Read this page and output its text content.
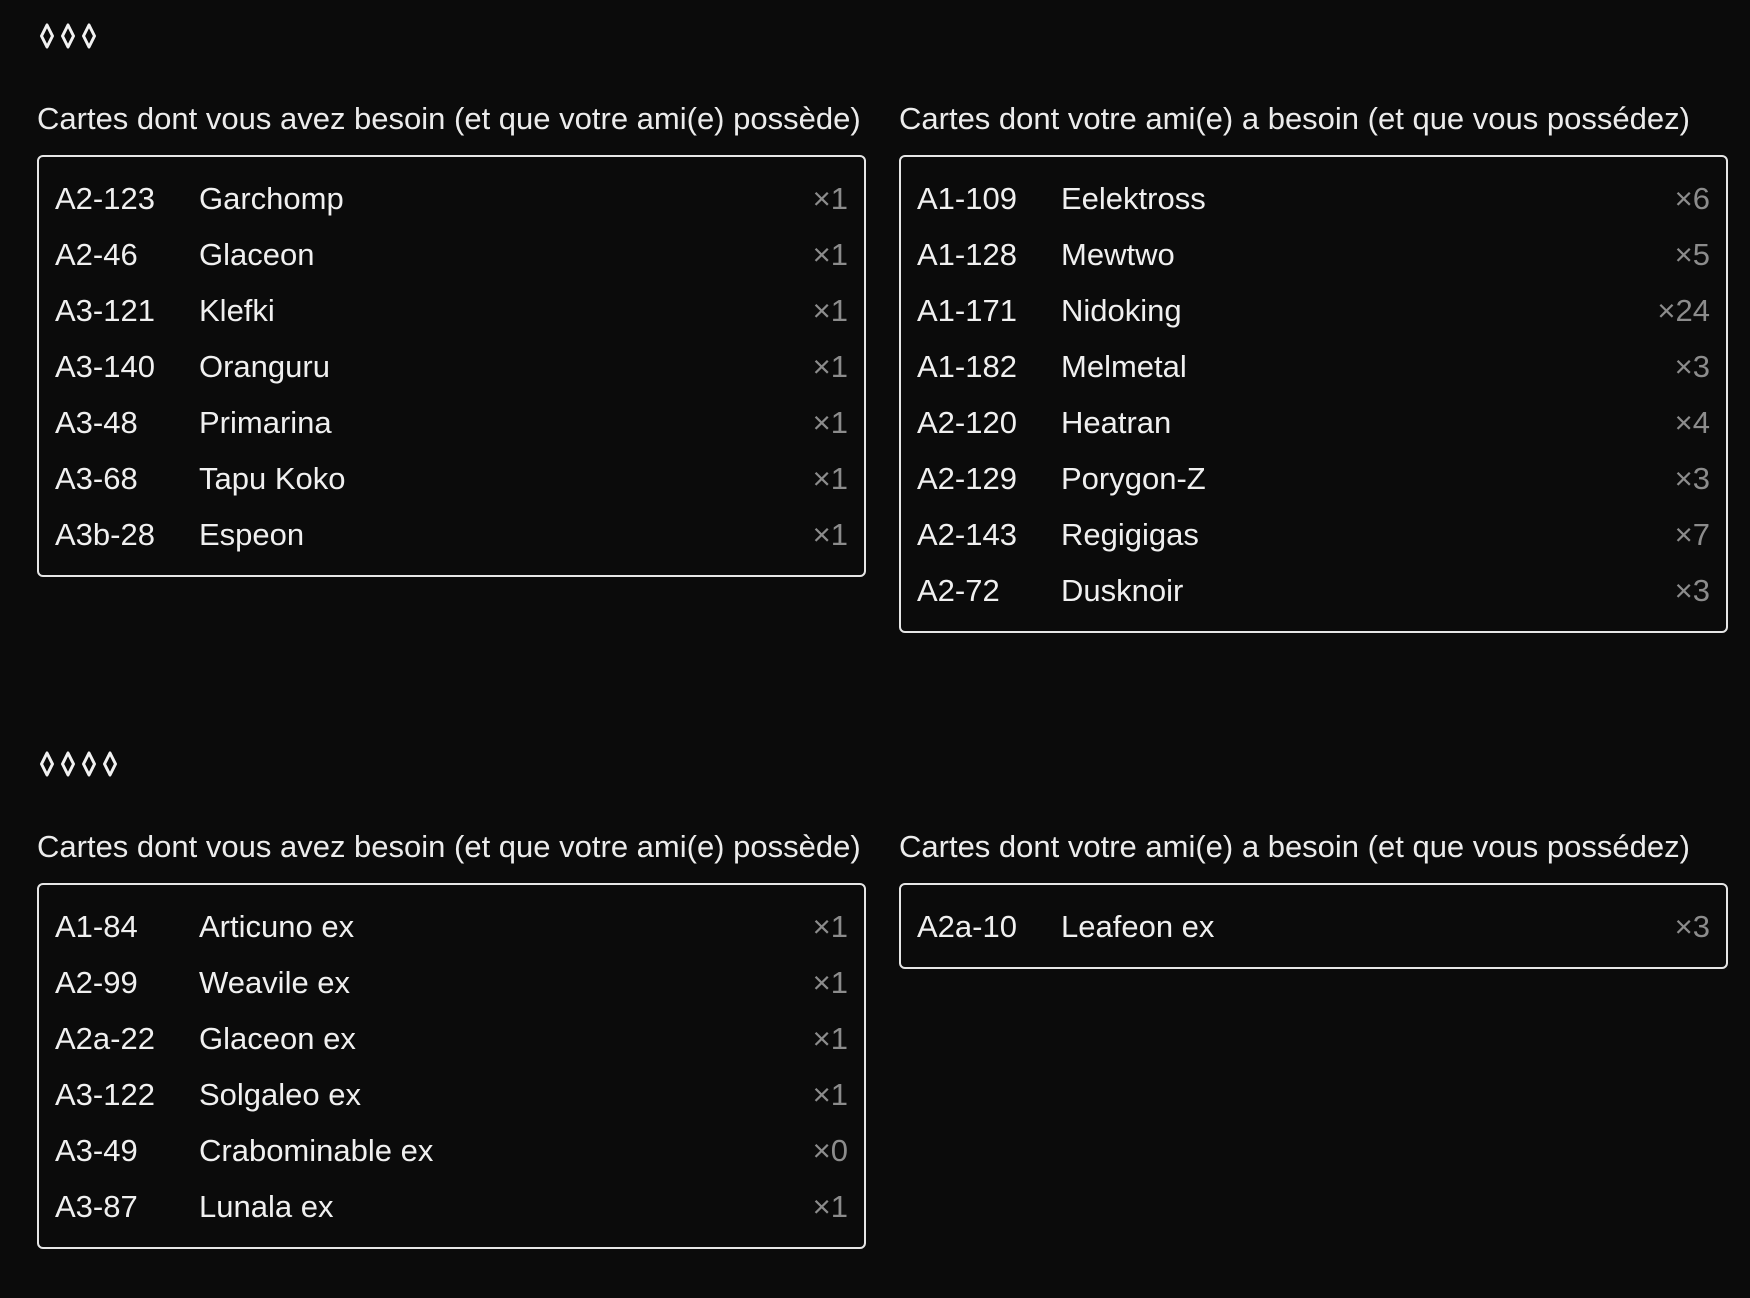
Cartes dont vous avez besoin (et que votre ami(e) possède)
A2-123	Garchomp	×1
A2-46	Glaceon	×1
A3-121	Klefki	×1
A3-140	Oranguru	×1
A3-48	Primarina	×1
A3-68	Tapu Koko	×1
A3b-28	Espeon	×1
Cartes dont votre ami(e) a besoin (et que vous possédez)
A1-109	Eelektross	×6
A1-128	Mewtwo	×5
A1-171	Nidoking	×24
A1-182	Melmetal	×3
A2-120	Heatran	×4
A2-129	Porygon-Z	×3
A2-143	Regigigas	×7
A2-72	Dusknoir	×3
Cartes dont vous avez besoin (et que votre ami(e) possède)
A1-84	Articuno ex	×1
A2-99	Weavile ex	×1
A2a-22	Glaceon ex	×1
A3-122	Solgaleo ex	×1
A3-49	Crabominable ex	×0
A3-87	Lunala ex	×1
Cartes dont votre ami(e) a besoin (et que vous possédez)
A2a-10	Leafeon ex	×3
